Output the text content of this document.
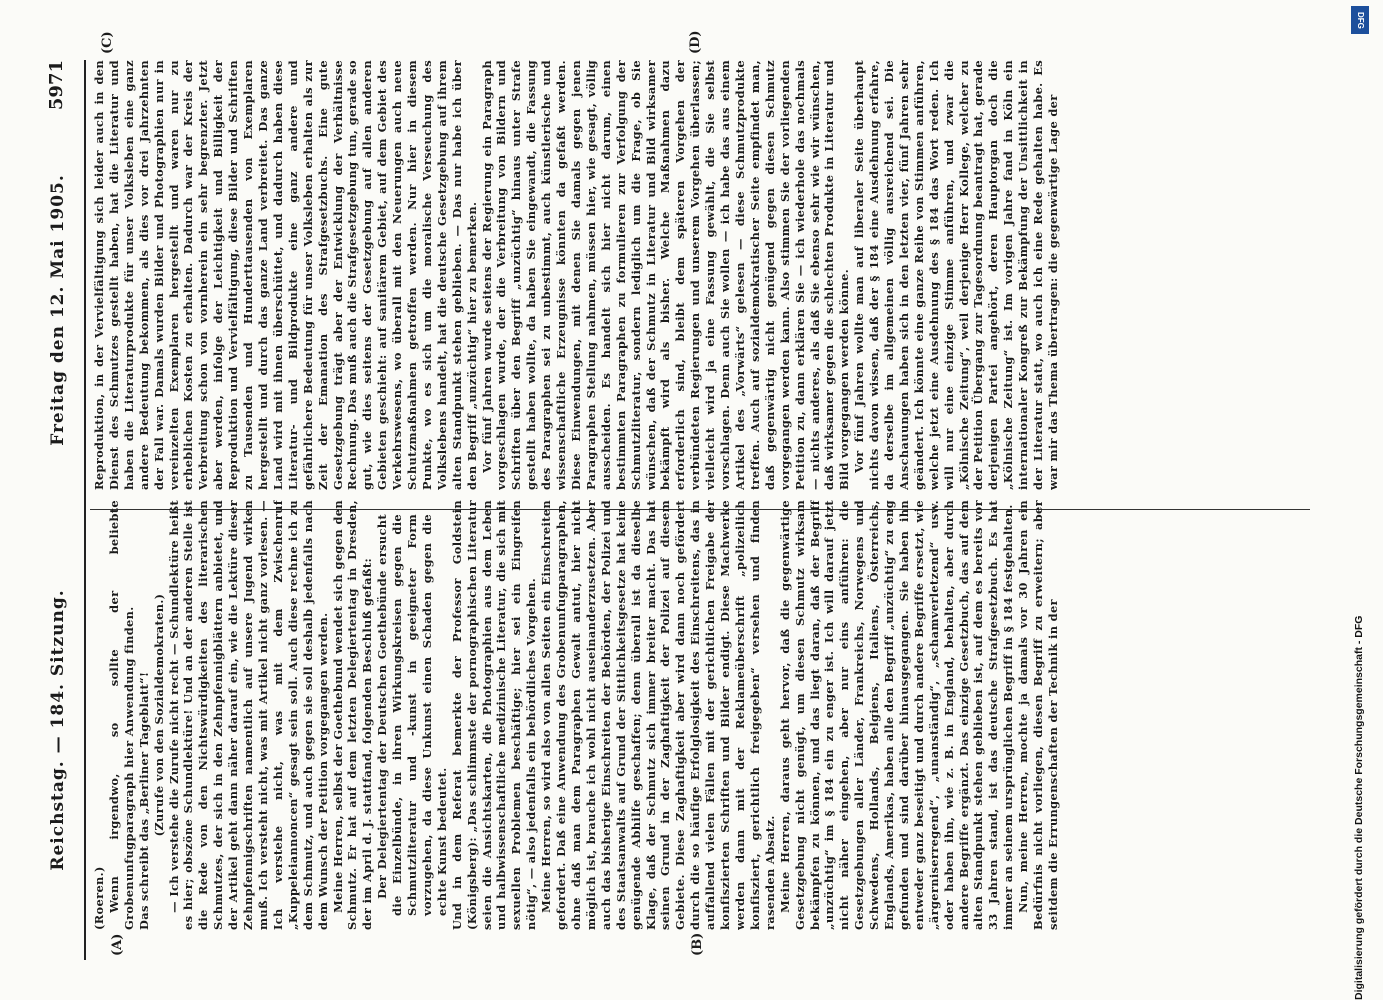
Reichstag. — 184. Sitzung.
Freitag den 12. Mai 1905.
5971
(A)	(B)
(C)	(D)

(Roeren.) Wenn irgendwo, so sollte der beliebte Grobenunfugparagraph hier Anwendung finden. Das schreibt das „Berliner Tageblatt“! (Zurufe von den Sozialdemokraten.) — Ich verstehe die Zurufe nicht recht — Schundlektüre heißt es hier; obszöne Schundlektüre! Und an der anderen Stelle ist die Rede von den Nichtswürdigkeiten des literarischen Schmutzes, der sich in den Zehnpfennigblättern anbietet, und der Artikel geht dann näher darauf ein, wie die Lektüre dieser Zehnpfennigschriften namentlich auf unsere Jugend wirken muß. Ich versteht nicht, was mit Artikel nicht ganz vorlesen. — Ich verstehe nicht, was mit dem Zwischenruf „Kuppeleiannoncen“ gesagt sein soll. Auch diese rechne ich zu dem Schmutz, und auch gegen sie soll deshalb jedenfalls nach dem Wunsch der Petition vorgegangen werden. Meine Herren, selbst der Goethebund wendet sich gegen den Schmutz. Er hat auf dem letzten Delegiertentag in Dresden, der im April d. J. stattfand, folgenden Beschluß gefaßt: Der Delegiertentag der Deutschen Goethebünde ersucht die Einzelbünde, in ihren Wirkungskreisen gegen die Schmutzliteratur und -kunst in geeigneter Form vorzugehen, da diese Unkunst einen Schaden gegen die echte Kunst bedeutet. Und in dem Referat bemerkte der Professor Goldstein (Königsberg): „Das schlimmste der pornographischen Literatur seien die Ansichtskarten, die Photographien aus dem Leben und halbwissenschaftliche medizinische Literatur, die sich mit sexuellen Problemen beschäftige; hier sei ein Eingreifen nötig“, — also jedenfalls ein behördliches Vorgehen. Meine Herren, so wird also von allen Seiten ein Einschreiten gefordert. Daß eine Anwendung des Grobenunfugparagraphen, ohne daß man dem Paragraphen Gewalt antut, hier nicht möglich ist, brauche ich wohl nicht auseinanderzusetzen. Aber auch das bisherige Einschreiten der Behörden, der Polizei und des Staatsanwalts auf Grund der Sittlichkeitsgesetze hat keine genügende Abhilfe geschaffen; denn überall ist da dieselbe Klage, daß der Schmutz sich immer breiter macht. Das hat seinen Grund in der Zaghaftigkeit der Polizei auf diesem Gebiete. Diese Zaghaftigkeit aber wird dann noch gefördert durch die so häufige Erfolglosigkeit des Einschreitens, das in auffallend vielen Fällen mit der gerichtlichen Freigabe der konfiszierten Schriften und Bilder endigt. Diese Machwerke werden dann mit der Reklameüberschrift „polizeilich konfisziert, gerichtlich freigegeben“ versehen und finden rasenden Absatz. Meine Herren, daraus geht hervor, daß die gegenwärtige Gesetzgebung nicht genügt, um diesen Schmutz wirksam bekämpfen zu können, und das liegt daran, daß der Begriff „unzüchtig“ im § 184 ein zu enger ist. Ich will darauf jetzt nicht näher eingehen, aber nur eins anführen: die Gesetzgebungen aller Länder, Frankreichs, Norwegens und Schwedens, Hollands, Belgiens, Italiens, Österreichs, Englands, Amerikas, haben alle den Begriff „unzüchtig“ zu eng gefunden und sind darüber hinausgegangen. Sie haben ihn entweder ganz beseitigt und durch andere Begriffe ersetzt, wie „ärgerniserregend“, „unanständig“, „schamverletzend“ usw. oder haben ihn, wie z. B. in England, behalten, aber durch andere Begriffe ergänzt. Das einzige Gesetzbuch, das auf dem alten Standpunkt stehen geblieben ist, auf dem es bereits vor 33 Jahren stand, ist das deutsche Strafgesetzbuch. Es hat immer an seinem ursprünglichen Begriff in § 184 festgehalten. Nun, meine Herren, mochte ja damals vor 30 Jahren ein Bedürfnis nicht vorliegen, diesen Begriff zu erweitern; aber seitdem die Errungenschaften der Technik in der

Reproduktion, in der Vervielfältigung sich leider auch in den Dienst des Schmutzes gestellt haben, hat die Literatur und haben die Literaturprodukte für unser Volksleben eine ganz andere Bedeutung bekommen, als dies vor drei Jahrzehnten der Fall war. Damals wurden Bilder und Photographien nur in vereinzelten Exemplaren hergestellt und waren nur zu erheblichen Kosten zu erhalten. Dadurch war der Kreis der Verbreitung schon von vornherein ein sehr begrenzter. Jetzt aber werden, infolge der Leichtigkeit und Billigkeit der Reproduktion und Vervielfältigung, diese Bilder und Schriften zu Tausenden und Hunderttausenden von Exemplaren hergestellt und durch das ganze Land verbreitet. Das ganze Land wird mit ihnen überschüttet, und dadurch haben diese Literatur- und Bildprodukte eine ganz andere und gefährlichere Bedeutung für unser Volksleben erhalten als zur Zeit der Emanation des Strafgesetzbuchs. Eine gute Gesetzgebung trägt aber der Entwicklung der Verhältnisse Rechnung. Das muß auch die Strafgesetzgebung tun, gerade so gut, wie dies seitens der Gesetzgebung auf allen anderen Gebieten geschieht: auf sanitärem Gebiet, auf dem Gebiet des Verkehrswesens, wo überall mit den Neuerungen auch neue Schutzmaßnahmen getroffen werden. Nur hier in diesem Punkte, wo es sich um die moralische Verseuchung des Volkslebens handelt, hat die deutsche Gesetzgebung auf ihrem alten Standpunkt stehen geblieben. — Das nur habe ich über den Begriff „unzüchtig“ hier zu bemerken. Vor fünf Jahren wurde seitens der Regierung ein Paragraph vorgeschlagen wurde, der die Verbreitung von Bildern und Schriften über den Begriff „unzüchtig“ hinaus unter Strafe gestellt haben wollte, da haben Sie eingewandt, die Fassung des Paragraphen sei zu unbestimmt, auch künstlerische und wissenschaftliche Erzeugnisse könnten da gefaßt werden. Diese Einwendungen, mit denen Sie damals gegen jenen Paragraphen Stellung nahmen, müssen hier, wie gesagt, völlig ausscheiden. Es handelt sich hier nicht darum, einen bestimmten Paragraphen zu formulieren zur Verfolgung der Schmutzliteratur, sondern lediglich um die Frage, ob Sie wünschen, daß der Schmutz in Literatur und Bild wirksamer bekämpft wird als bisher. Welche Maßnahmen dazu erforderlich sind, bleibt dem späteren Vorgehen der verbündeten Regierungen und unserem Vorgehen überlassen; vielleicht wird ja eine Fassung gewählt, die Sie selbst vorschlagen. Denn auch Sie wollen — ich habe das aus einem Artikel des „Vorwärts“ gelesen — diese Schmutzprodukte treffen. Auch auf sozialdemokratischer Seite empfindet man, daß gegenwärtig nicht genügend gegen diesen Schmutz vorgegangen werden kann. Also stimmen Sie der vorliegenden Petition zu, dann erklären Sie — ich wiederhole das nochmals — nichts anderes, als daß Sie ebenso sehr wie wir wünschen, daß wirksamer gegen die schlechten Produkte in Literatur und Bild vorgegangen werden könne. Vor fünf Jahren wollte man auf liberaler Seite überhaupt nichts davon wissen, daß der § 184 eine Ausdehnung erfahre, da derselbe im allgemeinen völlig ausreichend sei. Die Anschauungen haben sich in den letzten vier, fünf Jahren sehr geändert. Ich könnte eine ganze Reihe von Stimmen anführen, welche jetzt eine Ausdehnung des § 184 das Wort reden. Ich will nur eine einzige Stimme anführen, und zwar die „Kölnische Zeitung“, weil derjenige Herr Kollege, welcher zu der Petition Übergang zur Tagesordnung beantragt hat, gerade derjenigen Partei angehört, deren Hauptorgan doch die „Kölnische Zeitung“ ist. Im vorigen Jahre fand in Köln ein internationaler Kongreß zur Bekämpfung der Unsittlichkeit in der Literatur statt, wo auch ich eine Rede gehalten habe. Es war mir das Thema übertragen: die gegenwärtige Lage der

Digitalisierung gefördert durch die Deutsche Forschungsgemeinschaft - DFG
DFG
